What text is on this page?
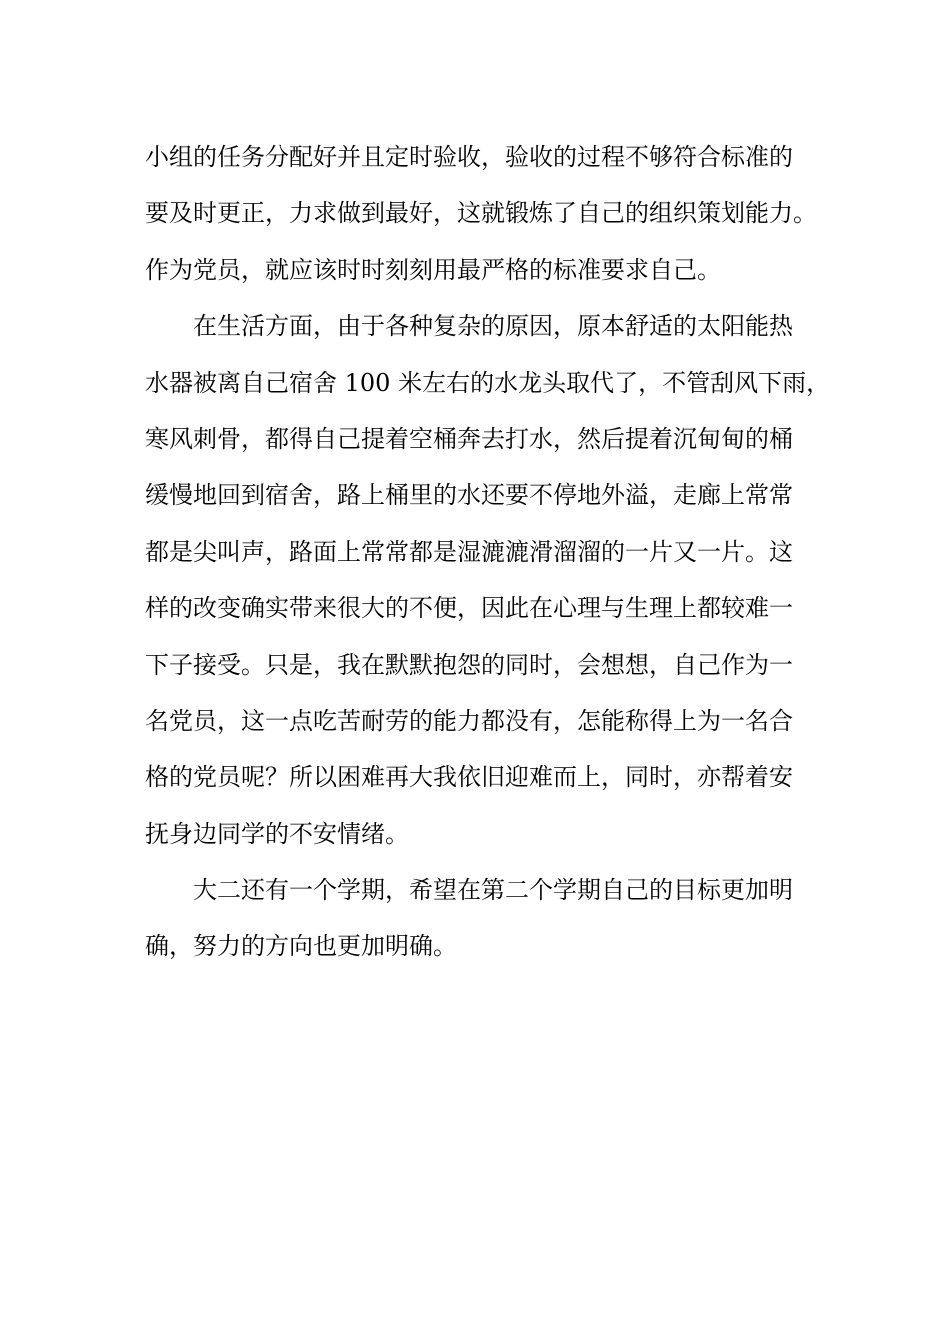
小组的任务分配好并且定时验收，验收的过程不够符合标准的
要及时更正，力求做到最好，这就锻炼了自己的组织策划能力。
作为党员，就应该时时刻刻用最严格的标准要求自己。
在生活方面，由于各种复杂的原因，原本舒适的太阳能热
水器被离自己宿舍 100 米左右的水龙头取代了，不管刮风下雨，
寒风刺骨，都得自己提着空桶奔去打水，然后提着沉甸甸的桶
缓慢地回到宿舍，路上桶里的水还要不停地外溢，走廊上常常
都是尖叫声，路面上常常都是湿漉漉滑溜溜的一片又一片。这
样的改变确实带来很大的不便，因此在心理与生理上都较难一
下子接受。只是，我在默默抱怨的同时，会想想，自己作为一
名党员，这一点吃苦耐劳的能力都没有，怎能称得上为一名合
格的党员呢？所以困难再大我依旧迎难而上，同时，亦帮着安
抚身边同学的不安情绪。
大二还有一个学期，希望在第二个学期自己的目标更加明
确，努力的方向也更加明确。
